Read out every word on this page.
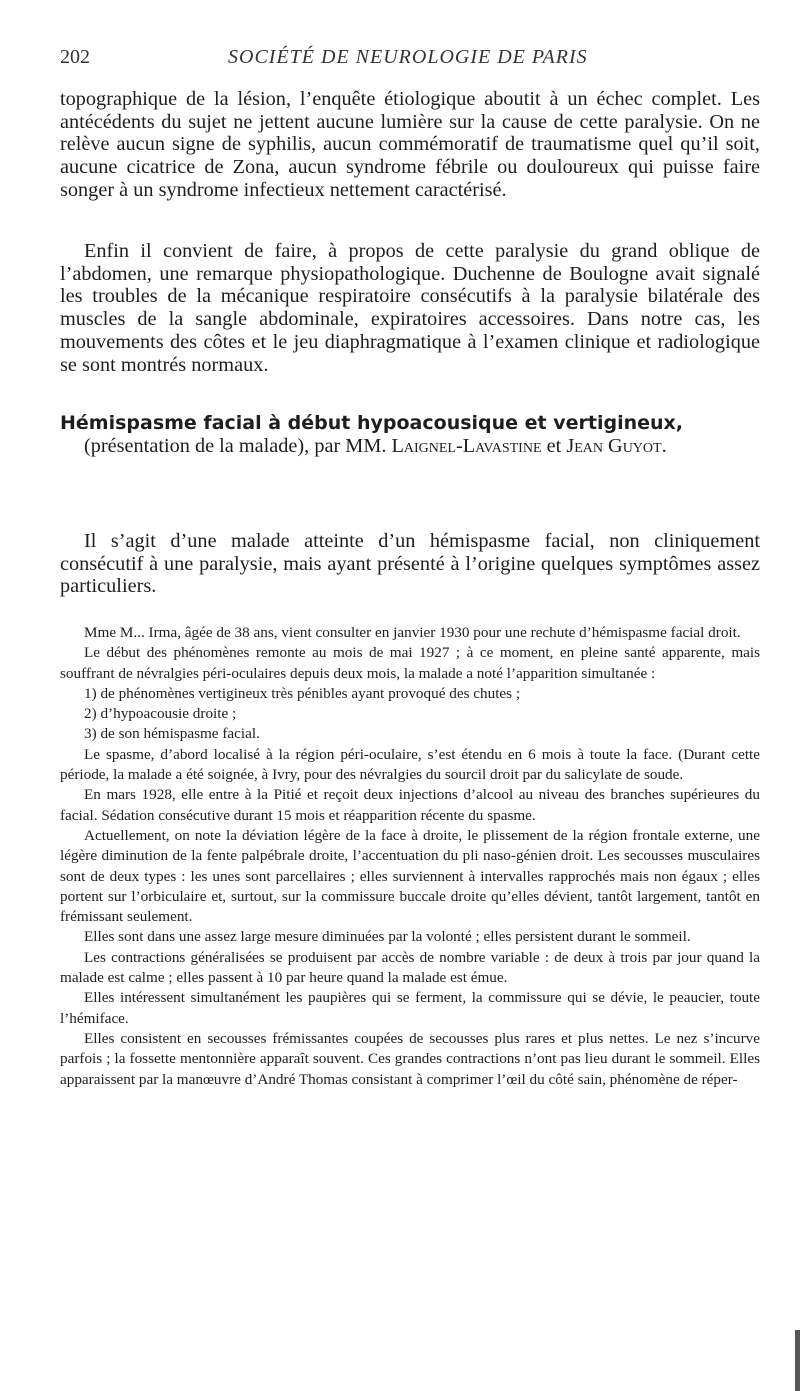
202	SOCIÉTÉ DE NEUROLOGIE DE PARIS

topographique de la lésion, l’enquête étiologique aboutit à un échec complet. Les antécédents du sujet ne jettent aucune lumière sur la cause de cette paralysie. On ne relève aucun signe de syphilis, aucun commémoratif de traumatisme quel qu’il soit, aucune cicatrice de Zona, aucun syndrome fébrile ou douloureux qui puisse faire songer à un syndrome infectieux nettement caractérisé.

Enfin il convient de faire, à propos de cette paralysie du grand oblique de l’abdomen, une remarque physiopathologique. Duchenne de Boulogne avait signalé les troubles de la mécanique respiratoire consécutifs à la paralysie bilatérale des muscles de la sangle abdominale, expiratoires accessoires. Dans notre cas, les mouvements des côtes et le jeu diaphragmatique à l’examen clinique et radiologique se sont montrés normaux.

Hémispasme facial à début hypoacousique et vertigineux,
(présentation de la malade), par MM. Laignel-Lavastine et Jean Guyot.

Il s’agit d’une malade atteinte d’un hémispasme facial, non cliniquement consécutif à une paralysie, mais ayant présenté à l’origine quelques symptômes assez particuliers.

Mme M... Irma, âgée de 38 ans, vient consulter en janvier 1930 pour une rechute d’hémispasme facial droit.

Le début des phénomènes remonte au mois de mai 1927 ; à ce moment, en pleine santé apparente, mais souffrant de névralgies péri-oculaires depuis deux mois, la malade a noté l’apparition simultanée :

1) de phénomènes vertigineux très pénibles ayant provoqué des chutes ;

2) d’hypoacousie droite ;

3) de son hémispasme facial.

Le spasme, d’abord localisé à la région péri-oculaire, s’est étendu en 6 mois à toute la face. (Durant cette période, la malade a été soignée, à Ivry, pour des névralgies du sourcil droit par du salicylate de soude.

En mars 1928, elle entre à la Pitié et reçoit deux injections d’alcool au niveau des branches supérieures du facial. Sédation consécutive durant 15 mois et réapparition récente du spasme.

Actuellement, on note la déviation légère de la face à droite, le plissement de la région frontale externe, une légère diminution de la fente palpébrale droite, l’accentuation du pli naso-génien droit. Les secousses musculaires sont de deux types : les unes sont parcellaires ; elles surviennent à intervalles rapprochés mais non égaux ; elles portent sur l’orbiculaire et, surtout, sur la commissure buccale droite qu’elles dévient, tantôt largement, tantôt en frémissant seulement.

Elles sont dans une assez large mesure diminuées par la volonté ; elles persistent durant le sommeil.

Les contractions généralisées se produisent par accès de nombre variable : de deux à trois par jour quand la malade est calme ; elles passent à 10 par heure quand la malade est émue.

Elles intéressent simultanément les paupières qui se ferment, la commissure qui se dévie, le peaucier, toute l’hémiface.

Elles consistent en secousses frémissantes coupées de secousses plus rares et plus nettes. Le nez s’incurve parfois ; la fossette mentonnière apparaît souvent. Ces grandes contractions n’ont pas lieu durant le sommeil. Elles apparaissent par la manœuvre d’André Thomas consistant à comprimer l’œil du côté sain, phénomène de réper-
